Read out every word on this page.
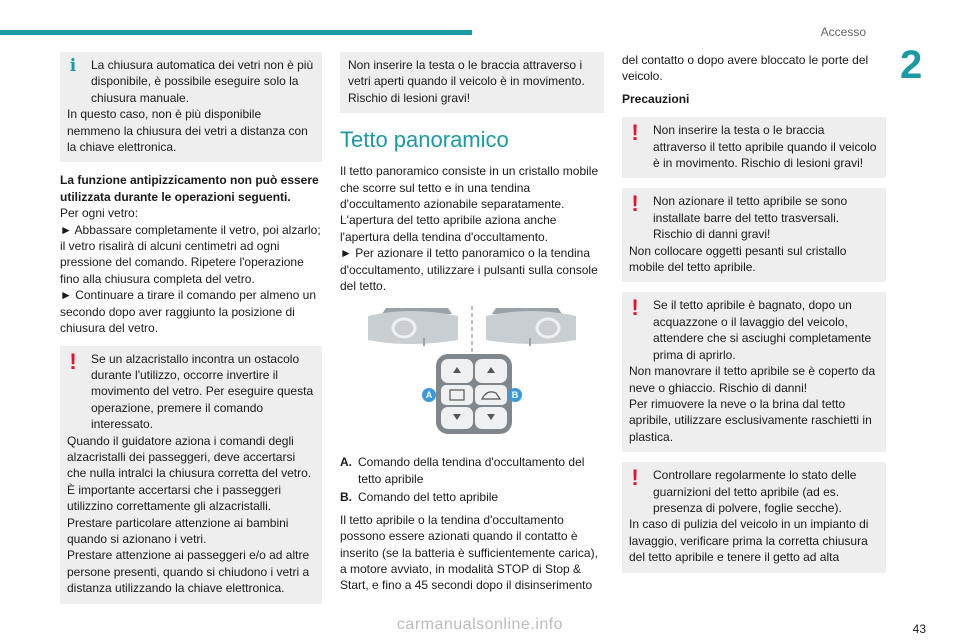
Accesso
2

i La chiusura automatica dei vetri non è più disponibile, è possibile eseguire solo la chiusura manuale.

In questo caso, non è più disponibile nemmeno la chiusura dei vetri a distanza con la chiave elettronica.

La funzione antipizzicamento non può essere utilizzata durante le operazioni seguenti.

Per ogni vetro:

► Abbassare completamente il vetro, poi alzarlo; il vetro risalirà di alcuni centimetri ad ogni pressione del comando. Ripetere l'operazione fino alla chiusura completa del vetro.

► Continuare a tirare il comando per almeno un secondo dopo aver raggiunto la posizione di chiusura del vetro.

! Se un alzacristallo incontra un ostacolo durante l'utilizzo, occorre invertire il movimento del vetro. Per eseguire questa operazione, premere il comando interessato.

Quando il guidatore aziona i comandi degli alzacristalli dei passeggeri, deve accertarsi che nulla intralci la chiusura corretta del vetro.

È importante accertarsi che i passeggeri utilizzino correttamente gli alzacristalli.

Prestare particolare attenzione ai bambini quando si azionano i vetri.

Prestare attenzione ai passeggeri e/o ad altre persone presenti, quando si chiudono i vetri a distanza utilizzando la chiave elettronica.

Non inserire la testa o le braccia attraverso i vetri aperti quando il veicolo è in movimento. Rischio di lesioni gravi!

Tetto panoramico

Il tetto panoramico consiste in un cristallo mobile che scorre sul tetto e in una tendina d'occultamento azionabile separatamente.

L'apertura del tetto apribile aziona anche l'apertura della tendina d'occultamento.

► Per azionare il tetto panoramico o la tendina d'occultamento, utilizzare i pulsanti sulla console del tetto.

A	B
A. Comando della tendina d'occultamento del tetto apribile
B. Comando del tetto apribile

Il tetto apribile o la tendina d'occultamento possono essere azionati quando il contatto è inserito (se la batteria è sufficientemente carica), a motore avviato, in modalità STOP di Stop & Start, e fino a 45 secondi dopo il disinserimento

del contatto o dopo avere bloccato le porte del veicolo.

Precauzioni

! Non inserire la testa o le braccia attraverso il tetto apribile quando il veicolo è in movimento. Rischio di lesioni gravi!

! Non azionare il tetto apribile se sono installate barre del tetto trasversali. Rischio di danni gravi!

Non collocare oggetti pesanti sul cristallo mobile del tetto apribile.

! Se il tetto apribile è bagnato, dopo un acquazzone o il lavaggio del veicolo, attendere che si asciughi completamente prima di aprirlo.

Non manovrare il tetto apribile se è coperto da neve o ghiaccio. Rischio di danni!

Per rimuovere la neve o la brina dal tetto apribile, utilizzare esclusivamente raschietti in plastica.

! Controllare regolarmente lo stato delle guarnizioni del tetto apribile (ad es. presenza di polvere, foglie secche).

In caso di pulizia del veicolo in un impianto di lavaggio, verificare prima la corretta chiusura del tetto apribile e tenere il getto ad alta

carmanualsonline.info	43
